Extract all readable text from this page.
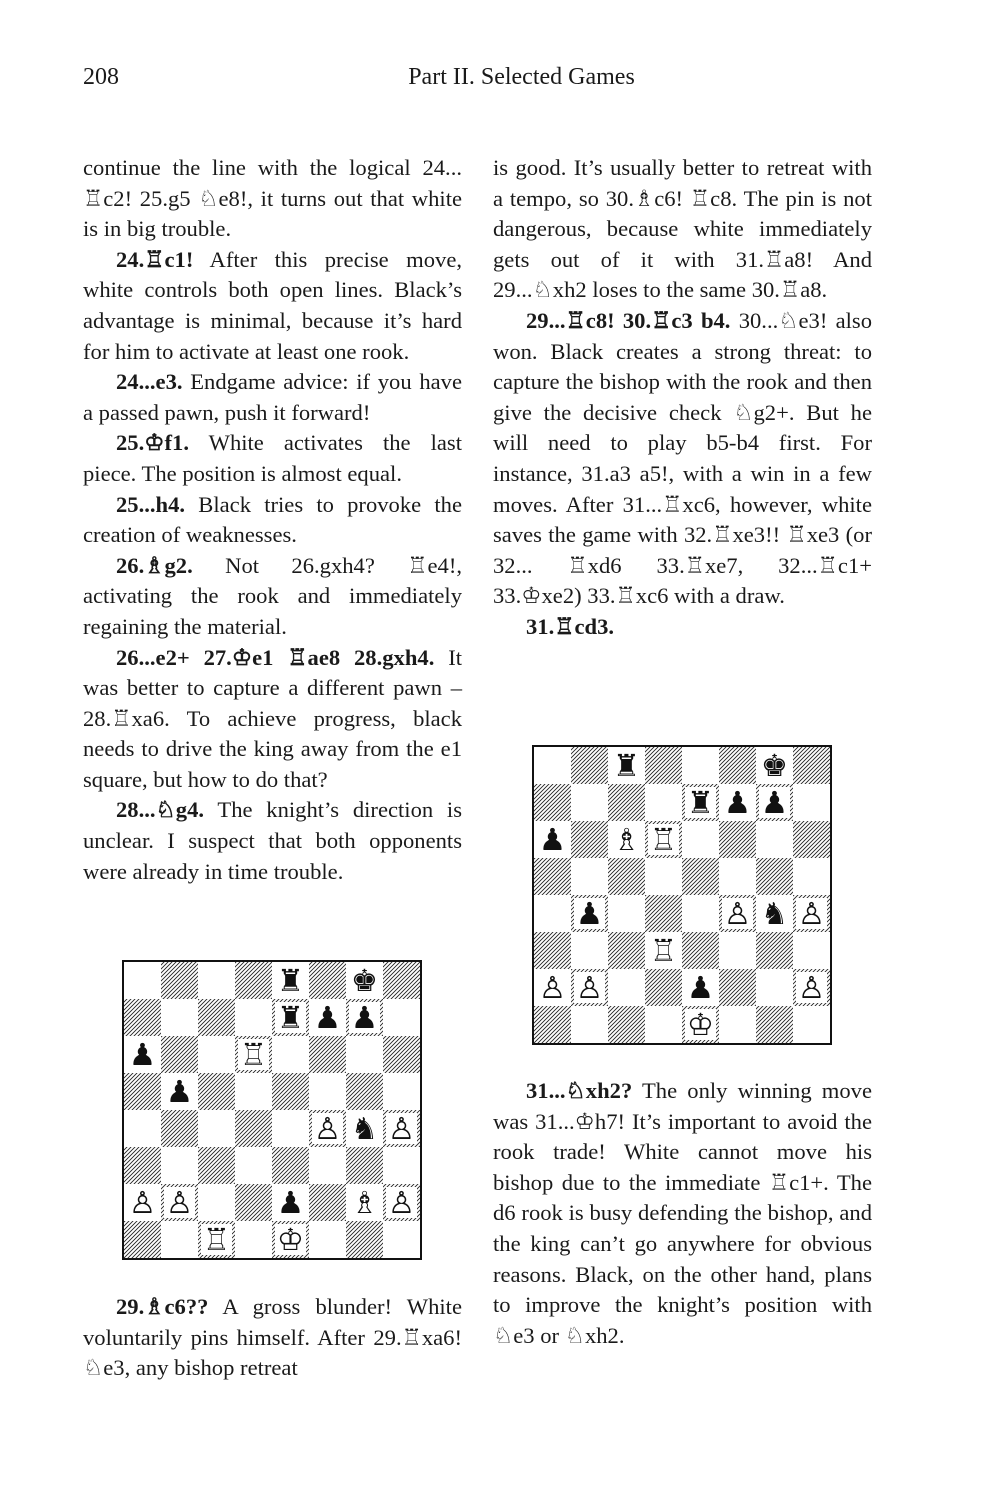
208	Part II. Selected Games

continue the line with the logical 24... ♖c2! 25.g5 ♘e8!, it turns out that white is in big trouble.

24.♖c1! After this precise move, white controls both open lines. Black’s advantage is minimal, because it’s hard for him to activate at least one rook.

24...e3. Endgame advice: if you have a passed pawn, push it forward!

25.♔f1. White activates the last piece. The position is almost equal.

25...h4. Black tries to provoke the creation of weaknesses.

26.♗g2. Not 26.gxh4? ♖e4!, activating the rook and immediately regaining the material.

26...e2+ 27.♔e1 ♖ae8 28.gxh4. It was better to capture a different pawn – 28.♖xa6. To achieve progress, black needs to drive the king away from the e1 square, but how to do that?

28...♘g4. The knight’s direction is unclear. I suspect that both opponents were already in time trouble.

is good. It’s usually better to retreat with a tempo, so 30.♗c6! ♖c8. The pin is not dangerous, because white immediately gets out of it with 31.♖a8! And 29...♘xh2 loses to the same 30.♖a8.

29...♖c8! 30.♖c3 b4. 30...♘e3! also won. Black creates a strong threat: to capture the bishop with the rook and then give the decisive check ♘g2+. But he will need to play b5-b4 first. For instance, 31.a3 a5!, with a win in a few moves. After 31...♖xc6, however, white saves the game with 32.♖xe3!! ♖xe3 (or 32... ♖xd6 33.♖xe7, 32...♖c1+ 33.♔xe2) 33.♖xc6 with a draw.

31.♖cd3.

♜ ♚
♜ ♟ ♟
♟	♖
♟
♙ ♞ ♙
♙ ♙	♟ ♗ ♙
♖ ♔
♜	♚
♜ ♟ ♟
♟ ♗ ♖
♟	♙ ♞ ♙
♖
♙ ♙	♟	♙
♔

29.♗c6?? A gross blunder! White voluntarily pins himself. After 29.♖xa6! ♘e3, any bishop retreat

31...♘xh2? The only winning move was 31...♔h7! It’s important to avoid the rook trade! White cannot move his bishop due to the immediate ♖c1+. The d6 rook is busy defending the bishop, and the king can’t go anywhere for obvious reasons. Black, on the other hand, plans to improve the knight’s position with ♘e3 or ♘xh2.
